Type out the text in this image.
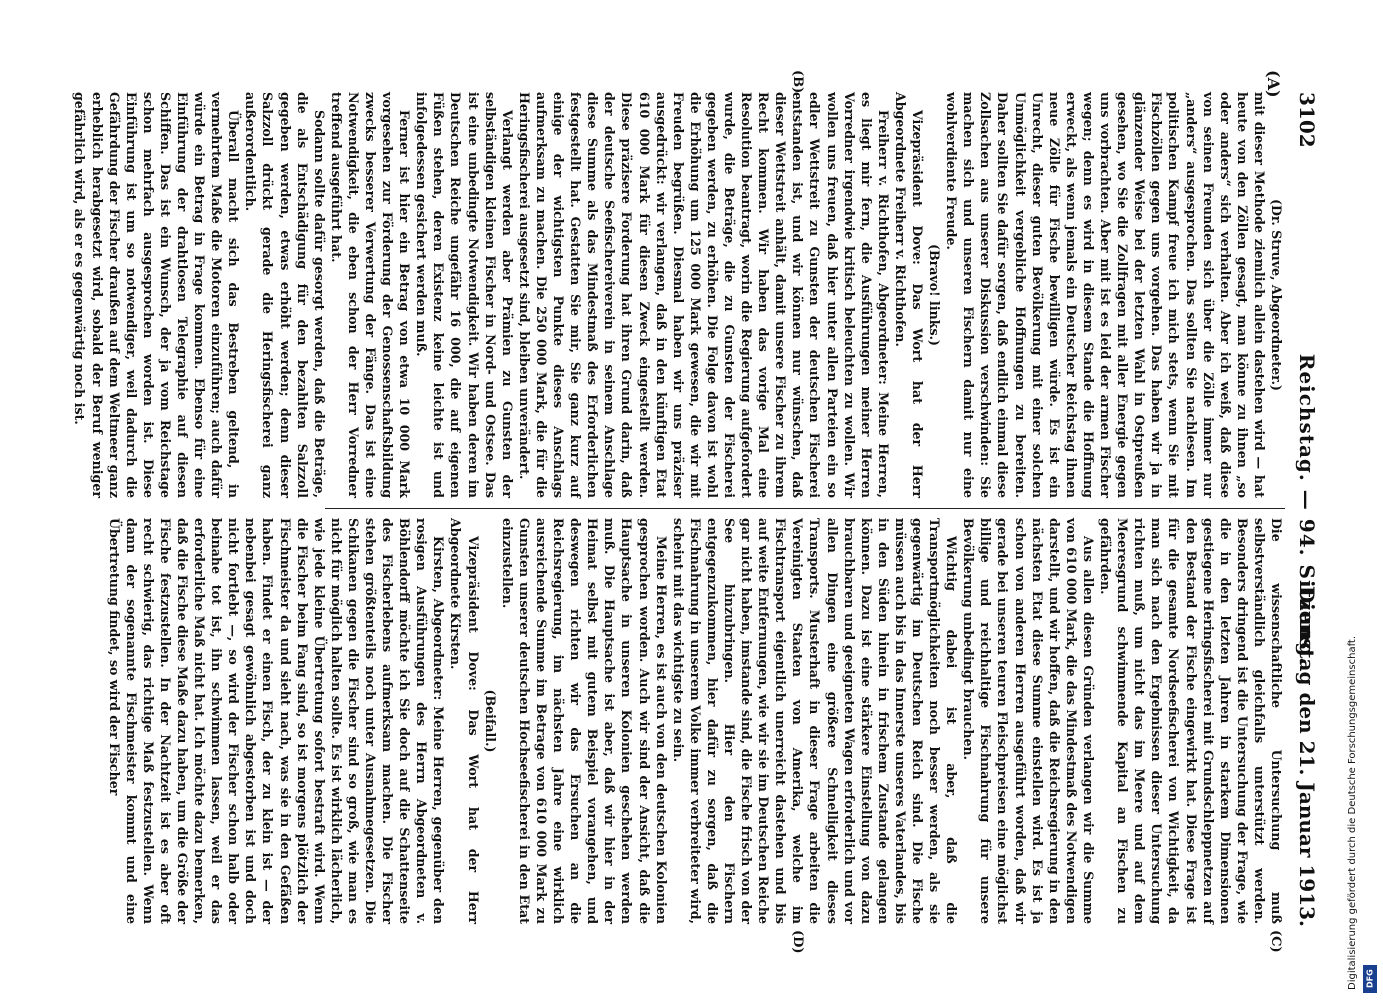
3102
Reichstag. — 94. Sitzung.
Dienstag den 21. Januar 1913.
(A)
(B)
(C)
(D)

(Dr. Struve, Abgeordneter.)

mit dieser Methode ziemlich allein dastehen wird — hat heute von den Zöllen gesagt, man könne zu ihnen „so oder anders“ sich verhalten. Aber ich weiß, daß diese von seinen Freunden sich über die Zölle immer nur „anders“ ausgesprochen. Das sollten Sie nachlesen. Im politischen Kampf freue ich mich stets, wenn Sie mit Fischzöllen gegen uns vorgehen. Das haben wir ja in glänzender Weise bei der letzten Wahl in Ostpreußen gesehen, wo Sie die Zollfragen mit aller Energie gegen uns vorbrachten. Aber mit ist es leid der armen Fischer wegen; denn es wird in diesem Stande die Hoffnung erweckt, als wenn jemals ein Deutscher Reichstag ihnen neue Zölle für Fische bewilligen würde. Es ist ein Unrecht, dieser guten Bevölkerung mit einer solchen Unmöglichkeit vergebliche Hoffnungen zu bereiten. Daher sollten Sie dafür sorgen, daß endlich einmal diese Zollsachen aus unserer Diskussion verschwinden: Sie machen sich und unseren Fischern damit nur eine wohlverdiente Freude.

(Bravo! links.)

Vizepräsident Dove: Das Wort hat der Herr Abgeordnete Freiherr v. Richthofen.

Freiherr v. Richthofen, Abgeordneter: Meine Herren, es liegt mir fern, die Ausführungen meiner Herren Vorredner irgendwie kritisch beleuchten zu wollen. Wir wollen uns freuen, daß hier unter allen Parteien ein so edler Wettstreit zu Gunsten der deutschen Fischerei entstanden ist, und wir können nur wünschen, daß dieser Wettstreit anhält, damit unsere Fischer zu ihrem Recht kommen. Wir haben das vorige Mal eine Resolution beantragt, worin die Regierung aufgefordert wurde, die Beträge, die zu Gunsten der Fischerei gegeben werden, zu erhöhen. Die Folge davon ist wohl die Erhöhung um 125 000 Mark gewesen, die wir mit Freuden begrüßen. Diesmal haben wir uns präziser ausgedrückt: wir verlangen, daß in den künftigen Etat 610 000 Mark für diesen Zweck eingestellt werden. Diese präzisere Forderung hat ihren Grund darin, daß der deutsche Seefischereiverein in seinem Anschlage diese Summe als das Mindestmaß des Erforderlichen festgestellt hat. Gestatten Sie mir, Sie ganz kurz auf einige der wichtigsten Punkte dieses Anschlags aufmerksam zu machen. Die 250 000 Mark, die für die Heringsfischerei ausgesetzt sind, bleiben unverändert.

Verlangt werden aber Prämien zu Gunsten der selbständigen kleinen Fischer in Nord- und Ostsee. Das ist eine unbedingte Notwendigkeit. Wir haben deren im Deutschen Reiche ungefähr 16 000, die auf eigenen Füßen stehen, deren Existenz keine leichte ist und infolgedessen gesichert werden muß.

Ferner ist hier ein Betrag von etwa 10 000 Mark vorgesehen zur Förderung der Genossenschaftsbildung zwecks besserer Verwertung der Fänge. Das ist eine Notwendigkeit, die eben schon der Herr Vorredner treffend ausgeführt hat.

Sodann sollte dafür gesorgt werden, daß die Beträge, die als Entschädigung für den bezahlten Salzzoll gegeben werden, etwas erhöht werden; denn dieser Salzzoll drückt gerade die Heringsfischerei ganz außerordentlich.

Überall macht sich das Bestreben geltend, in vermehrtem Maße die Motoren einzuführen; auch dafür würde ein Betrag in Frage kommen. Ebenso für eine Einführung der drahtlosen Telegraphie auf diesen Schiffen. Das ist ein Wunsch, der ja vom Reichstage schon mehrfach ausgesprochen worden ist. Diese Einführung ist um so notwendiger, weil dadurch die Gefährdung der Fischer draußen auf dem Weltmeer ganz erheblich herabgesetzt wird, sobald der Beruf weniger gefährlich wird, als er es gegenwärtig noch ist.

Die wissenschaftliche Untersuchung muß selbstverständlich gleichfalls unterstützt werden. Besonders dringend ist die Untersuchung der Frage, wie die in den letzten Jahren in starkem Dimensionen gestiegene Heringsfischerei mit Grundschleppnetzen auf den Bestand der Fische eingewirkt hat. Diese Frage ist für die gesamte Nordseefischerei von Wichtigkeit, da man sich nach den Ergebnissen dieser Untersuchung richten muß, um nicht das im Meere und auf dem Meeresgrund schwimmende Kapital an Fischen zu gefährden.

Aus allen diesen Gründen verlangen wir die Summe von 610 000 Mark, die das Mindestmaß des Notwendigen darstellt, und wir hoffen, daß die Reichsregierung in den nächsten Etat diese Summe einstellen wird. Es ist ja schon von anderen Herren ausgeführt worden, daß wir gerade bei unseren teuren Fleischpreisen eine möglichst billige und reichhaltige Fischnahrung für unsere Bevölkerung unbedingt brauchen.

Wichtig dabei ist aber, daß die Transportmöglichkeiten noch besser werden, als sie gegenwärtig im Deutschen Reich sind. Die Fische müssen auch bis in das Innerste unseres Vaterlandes, bis in den Süden hinein in frischem Zustande gelangen können. Dazu ist eine stärkere Einstellung von dazu brauchbaren und geeigneten Wagen erforderlich und vor allen Dingen eine größere Schnelligkeit dieses Transports. Musterhaft in dieser Frage arbeiten die Vereinigten Staaten von Amerika, welche im Fischtransport eigentlich unerreicht dastehen und bis auf weite Entfernungen, wie wir sie im Deutschen Reiche gar nicht haben, imstande sind, die Fische frisch von der See hinzubringen. Hier den Fischern entgegenzukommen, hier dafür zu sorgen, daß die Fischnahrung in unserem Volke immer verbreiteter wird, scheint mit das wichtigste zu sein.

Meine Herren, es ist auch von den deutschen Kolonien gesprochen worden. Auch wir sind der Ansicht, daß die Hauptsache in unseren Kolonien geschehen werden muß. Die Hauptsache ist aber, daß wir hier in der Heimat selbst mit gutem Beispiel vorangehen, und deswegen richten wir das Ersuchen an die Reichsregierung, im nächsten Jahre eine wirklich ausreichende Summe im Betrage von 610 000 Mark zu Gunsten unserer deutschen Hochseefischerei in den Etat einzustellen.

(Beifall.)

Vizepräsident Dove: Das Wort hat der Herr Abgeordnete Kirsten.

Kirsten, Abgeordneter: Meine Herren, gegenüber den rosigen Ausführungen des Herrn Abgeordneten v. Böhlendorff möchte ich Sie doch auf die Schattenseite des Fischerlebens aufmerksam machen. Die Fischer stehen größtenteils noch unter Ausnahmegesetzen. Die Schikanen gegen die Fischer sind so groß, wie man es nicht für möglich halten sollte. Es ist wirklich lächerlich, wie jede kleine Übertretung sofort bestraft wird. Wenn die Fischer beim Fang sind, so ist morgens plötzlich der Fischmeister da und sieht nach, was sie in den Gefäßen haben. Findet er einen Fisch, der zu klein ist — der nebenbei gesagt gewöhnlich abgestorben ist und doch nicht fortlebt —, so wird der Fischer schon halb oder beinahe tot ist, ihn schwimmen lassen, weil er das erforderliche Maß nicht hat. Ich möchte dazu bemerken, daß die Fische diese Maße dazu haben, um die Größe der Fische festzustellen. In der Nachtzeit ist es aber oft recht schwierig, das richtige Maß festzustellen. Wenn dann der sogenannte Fischmeister kommt und eine Übertretung findet, so wird der Fischer	Digitalisierung gefördert durch die Deutsche Forschungsgemeinschaft. DFG
